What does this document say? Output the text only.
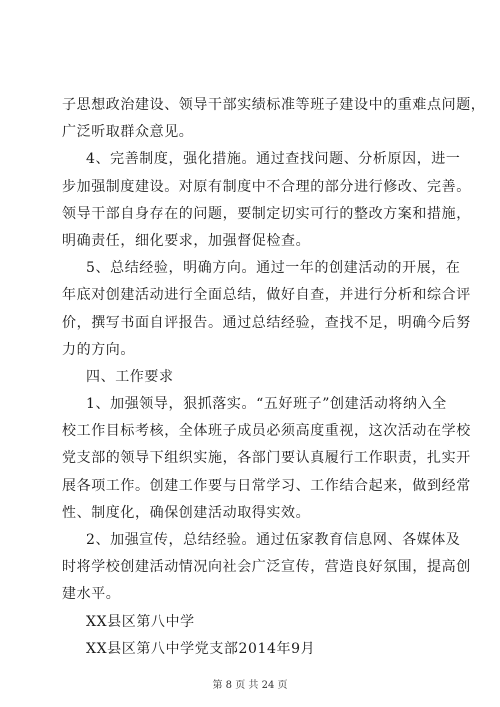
子思想政治建设、领导干部实绩标准等班子建设中的重难点问题，
广泛听取群众意见。
4、完善制度，强化措施。通过查找问题、分析原因，进一
步加强制度建设。对原有制度中不合理的部分进行修改、完善。
领导干部自身存在的问题，要制定切实可行的整改方案和措施，
明确责任，细化要求，加强督促检查。
5、总结经验，明确方向。通过一年的创建活动的开展，在
年底对创建活动进行全面总结，做好自查，并进行分析和综合评
价，撰写书面自评报告。通过总结经验，查找不足，明确今后努
力的方向。
四、工作要求
1、加强领导，狠抓落实。“五好班子”创建活动将纳入全
校工作目标考核，全体班子成员必须高度重视，这次活动在学校
党支部的领导下组织实施，各部门要认真履行工作职责，扎实开
展各项工作。创建工作要与日常学习、工作结合起来，做到经常
性、制度化，确保创建活动取得实效。
2、加强宣传，总结经验。通过伍家教育信息网、各媒体及
时将学校创建活动情况向社会广泛宣传，营造良好氛围，提高创
建水平。
XX县区第八中学
XX县区第八中学党支部2014年9月
第 8 页 共 24 页
